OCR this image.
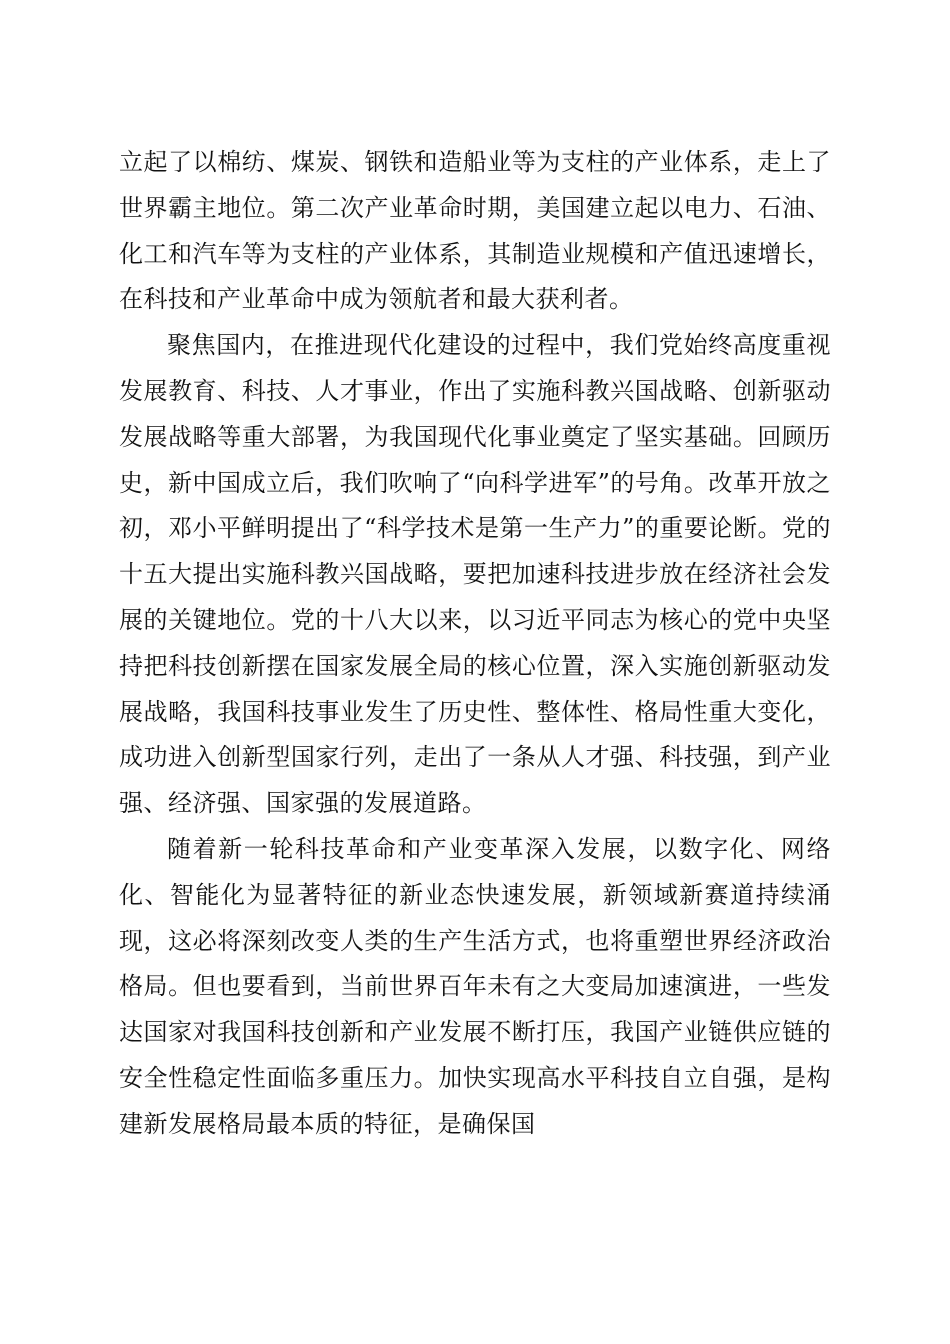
立起了以棉纺、煤炭、钢铁和造船业等为支柱的产业体系，走上了世界霸主地位。第二次产业革命时期，美国建立起以电力、石油、化工和汽车等为支柱的产业体系，其制造业规模和产值迅速增长，在科技和产业革命中成为领航者和最大获利者。

聚焦国内，在推进现代化建设的过程中，我们党始终高度重视发展教育、科技、人才事业，作出了实施科教兴国战略、创新驱动发展战略等重大部署，为我国现代化事业奠定了坚实基础。回顾历史，新中国成立后，我们吹响了“向科学进军”的号角。改革开放之初，邓小平鲜明提出了“科学技术是第一生产力”的重要论断。党的十五大提出实施科教兴国战略，要把加速科技进步放在经济社会发展的关键地位。党的十八大以来，以习近平同志为核心的党中央坚持把科技创新摆在国家发展全局的核心位置，深入实施创新驱动发展战略，我国科技事业发生了历史性、整体性、格局性重大变化，成功进入创新型国家行列，走出了一条从人才强、科技强，到产业强、经济强、国家强的发展道路。

随着新一轮科技革命和产业变革深入发展，以数字化、网络化、智能化为显著特征的新业态快速发展，新领域新赛道持续涌现，这必将深刻改变人类的生产生活方式，也将重塑世界经济政治格局。但也要看到，当前世界百年未有之大变局加速演进，一些发达国家对我国科技创新和产业发展不断打压，我国产业链供应链的安全性稳定性面临多重压力。加快实现高水平科技自立自强，是构建新发展格局最本质的特征，是确保国
